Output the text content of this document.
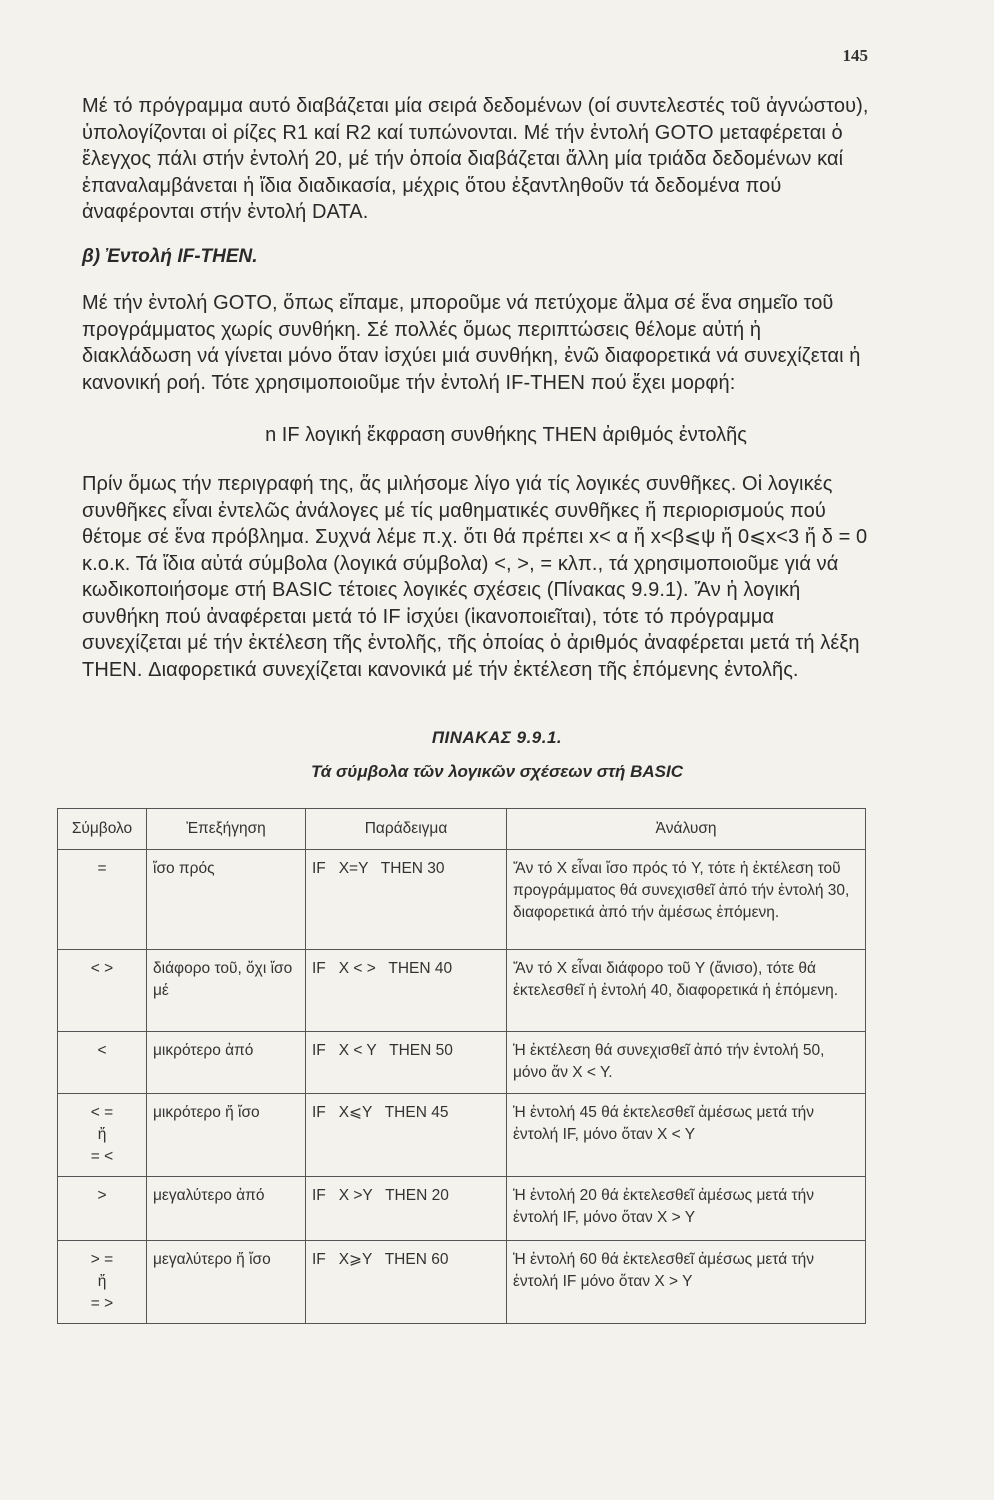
145

Μέ τό πρόγραμμα αυτό διαβάζεται μία σειρά δεδομένων (οί συντελεστές τοῦ ἀγνώστου), ὑπολογίζονται οἱ ρίζες R1 καί R2 καί τυπώνονται. Μέ τήν ἐντολή GOTO μεταφέρεται ὁ ἔλεγχος πάλι στήν ἐντολή 20, μέ τήν ὁποία διαβάζεται ἄλλη μία τριάδα δεδομένων καί ἐπαναλαμβάνεται ἡ ἴδια διαδικασία, μέχρις ὅτου ἐξαντληθοῦν τά δεδομένα πού ἀναφέρονται στήν ἐντολή DATA.

β) Ἐντολή IF-THEN.

Μέ τήν ἐντολή GOTO, ὅπως εἴπαμε, μποροῦμε νά πετύχομε ἅλμα σέ ἕνα σημεῖο τοῦ προγράμματος χωρίς συνθήκη. Σέ πολλές ὅμως περιπτώσεις θέλομε αὐτή ἡ διακλάδωση νά γίνεται μόνο ὅταν ἰσχύει μιά συνθήκη, ἐνῶ διαφορετικά νά συνεχίζεται ἡ κανονική ροή. Τότε χρησιμοποιοῦμε τήν ἐντολή IF-THEN πού ἔχει μορφή:

n IF λογική ἔκφραση συνθήκης THEN ἀριθμός ἐντολῆς

Πρίν ὅμως τήν περιγραφή της, ἄς μιλήσομε λίγο γιά τίς λογικές συνθῆκες. Οἱ λογικές συνθῆκες εἶναι ἐντελῶς ἀνάλογες μέ τίς μαθηματικές συνθῆκες ἤ περιορισμούς πού θέτομε σέ ἕνα πρόβλημα. Συχνά λέμε π.χ. ὅτι θά πρέπει x< α ἤ x<β⩽ψ ἤ 0⩽x<3 ἤ δ = 0 κ.ο.κ. Τά ἴδια αὐτά σύμβολα (λογικά σύμβολα) <, >, = κλπ., τά χρησιμοποιοῦμε γιά νά κωδικοποιήσομε στή BASIC τέτοιες λογικές σχέσεις (Πίνακας 9.9.1). Ἄν ἡ λογική συνθήκη πού ἀναφέρεται μετά τό IF ἰσχύει (ἱκανοποιεῖται), τότε τό πρόγραμμα συνεχίζεται μέ τήν ἐκτέλεση τῆς ἐντολῆς, τῆς ὁποίας ὁ ἀριθμός ἀναφέρεται μετά τή λέξη THEN. Διαφορετικά συνεχίζεται κανονικά μέ τήν ἐκτέλεση τῆς ἑπόμενης ἐντολῆς.

ΠΙΝΑΚΑΣ 9.9.1.
Τά σύμβολα τῶν λογικῶν σχέσεων στή BASIC
Σύμβολο	Ἐπεξήγηση	Παράδειγμα	Ἀνάλυση

=	ἴσο πρός	IF   X=Y   THEN 30	Ἄν τό X εἶναι ἴσο πρός τό Y, τότε ἡ ἐκτέλεση τοῦ προγράμματος θά συνεχισθεῖ ἀπό τήν ἐντολή 30, διαφορετικά ἀπό τήν ἀμέσως ἑπόμενη.

< >	διάφορο τοῦ, ὄχι ἴσο μέ	IF   X < >   THEN 40	Ἄν τό X εἶναι διάφορο τοῦ Y (ἄνισο), τότε θά ἐκτελεσθεῖ ἡ ἐντολή 40, διαφορετικά ἡ ἑπόμενη.

<	μικρότερο ἀπό	IF   X < Y   THEN 50	Ἡ ἐκτέλεση θά συνεχισθεῖ ἀπό τήν ἐντολή 50, μόνο ἄν X < Y.

< =
ἤ
= <	μικρότερο ἤ ἴσο	IF   X⩽Y   THEN 45	Ἡ ἐντολή 45 θά ἐκτελεσθεῖ ἀμέσως μετά τήν ἐντολή IF, μόνο ὅταν X < Y

>	μεγαλύτερο ἀπό	IF   X >Y   THEN 20	Ἡ ἐντολή 20 θά ἐκτελεσθεῖ ἀμέσως μετά τήν ἐντολή IF, μόνο ὅταν X > Y

> =
ἤ
= >	μεγαλύτερο ἤ ἴσο	IF   X⩾Y   THEN 60	Ἡ ἐντολή 60 θά ἐκτελεσθεῖ ἀμέσως μετά τήν ἐντολή IF μόνο ὅταν X > Y
